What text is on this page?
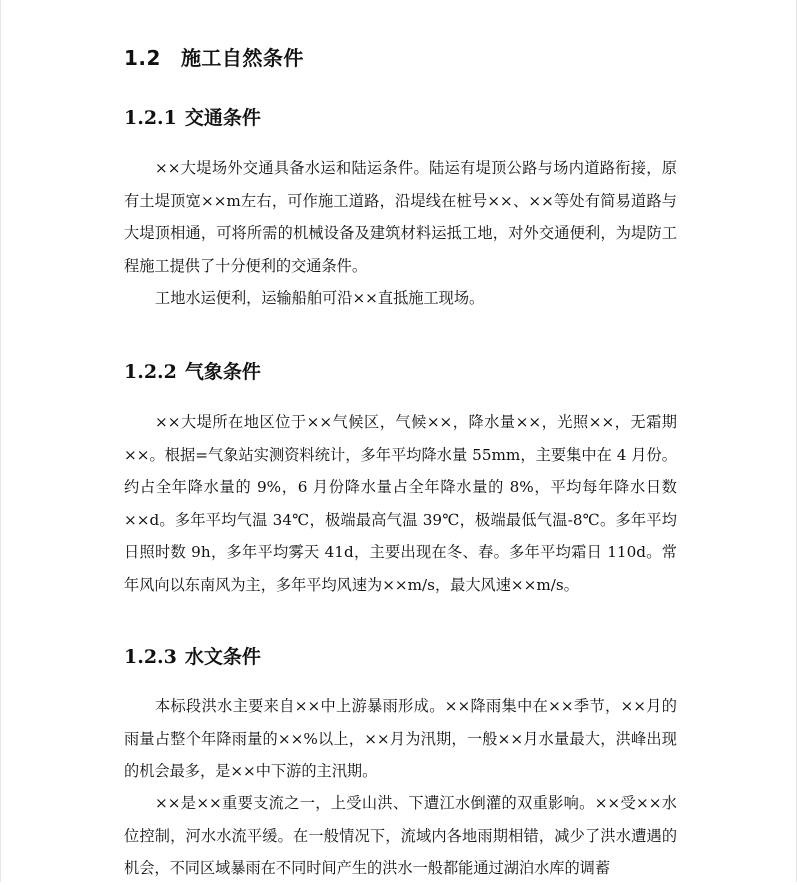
1.2 施工自然条件
1.2.1 交通条件

××大堤场外交通具备水运和陆运条件。陆运有堤顶公路与场内道路衔接，原有土堤顶宽××m左右，可作施工道路，沿堤线在桩号××、××等处有简易道路与大堤顶相通，可将所需的机械设备及建筑材料运抵工地，对外交通便利，为堤防工程施工提供了十分便利的交通条件。

工地水运便利，运输船舶可沿××直抵施工现场。

1.2.2 气象条件

××大堤所在地区位于××气候区，气候××，降水量××，光照××，无霜期××。根据=气象站实测资料统计，多年平均降水量 55mm，主要集中在 4 月份。约占全年降水量的 9%，6 月份降水量占全年降水量的 8%，平均每年降水日数××d。多年平均气温 34℃，极端最高气温 39℃，极端最低气温-8℃。多年平均日照时数 9h，多年平均雾天 41d，主要出现在冬、春。多年平均霜日 110d。常年风向以东南风为主，多年平均风速为××m/s，最大风速××m/s。

1.2.3 水文条件

本标段洪水主要来自××中上游暴雨形成。××降雨集中在××季节，××月的雨量占整个年降雨量的××%以上，××月为汛期，一般××月水量最大，洪峰出现的机会最多，是××中下游的主汛期。

××是××重要支流之一，上受山洪、下遭江水倒灌的双重影响。××受××水位控制，河水水流平缓。在一般情况下，流域内各地雨期相错，减少了洪水遭遇的机会，不同区域暴雨在不同时间产生的洪水一般都能通过湖泊水库的调蓄
